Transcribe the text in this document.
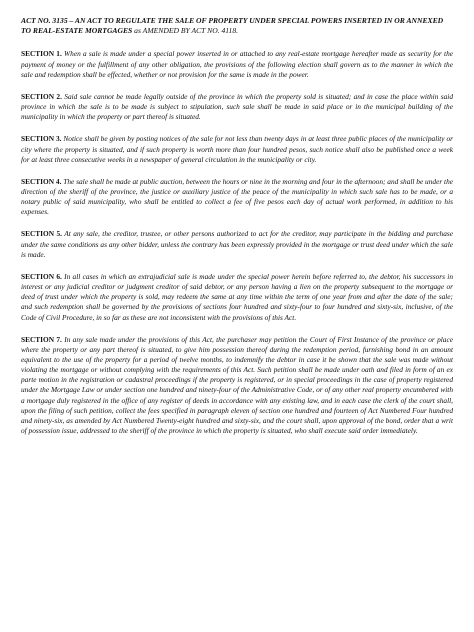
ACT NO. 3135 – AN ACT TO REGULATE THE SALE OF PROPERTY UNDER SPECIAL POWERS INSERTED IN OR ANNEXED TO REAL-ESTATE MORTGAGES as AMENDED BY ACT NO. 4118.

SECTION 1. When a sale is made under a special power inserted in or attached to any real-estate mortgage hereafter made as security for the payment of money or the fulfillment of any other obligation, the provisions of the following election shall govern as to the manner in which the sale and redemption shall be effected, whether or not provision for the same is made in the power.

SECTION 2. Said sale cannot be made legally outside of the province in which the property sold is situated; and in case the place within said province in which the sale is to be made is subject to stipulation, such sale shall be made in said place or in the municipal building of the municipality in which the property or part thereof is situated.

SECTION 3. Notice shall be given by posting notices of the sale for not less than twenty days in at least three public places of the municipality or city where the property is situated, and if such property is worth more than four hundred pesos, such notice shall also be published once a week for at least three consecutive weeks in a newspaper of general circulation in the municipality or city.

SECTION 4. The sale shall be made at public auction, between the hours or nine in the morning and four in the afternoon; and shall be under the direction of the sheriff of the province, the justice or auxiliary justice of the peace of the municipality in which such sale has to be made, or a notary public of said municipality, who shall be entitled to collect a fee of five pesos each day of actual work performed, in addition to his expenses.

SECTION 5. At any sale, the creditor, trustee, or other persons authorized to act for the creditor, may participate in the bidding and purchase under the same conditions as any other bidder, unless the contrary has been expressly provided in the mortgage or trust deed under which the sale is made.

SECTION 6. In all cases in which an extrajudicial sale is made under the special power herein before referred to, the debtor, his successors in interest or any judicial creditor or judgment creditor of said debtor, or any person having a lien on the property subsequent to the mortgage or deed of trust under which the property is sold, may redeem the same at any time within the term of one year from and after the date of the sale; and such redemption shall be governed by the provisions of sections four hundred and sixty-four to four hundred and sixty-six, inclusive, of the Code of Civil Procedure, in so far as these are not inconsistent with the provisions of this Act.

SECTION 7. In any sale made under the provisions of this Act, the purchaser may petition the Court of First Instance of the province or place where the property or any part thereof is situated, to give him possession thereof during the redemption period, furnishing bond in an amount equivalent to the use of the property for a period of twelve months, to indemnify the debtor in case it be shown that the sale was made without violating the mortgage or without complying with the requirements of this Act. Such petition shall be made under oath and filed in form of an ex parte motion in the registration or cadastral proceedings if the property is registered, or in special proceedings in the case of property registered under the Mortgage Law or under section one hundred and ninety-four of the Administrative Code, or of any other real property encumbered with a mortgage duly registered in the office of any register of deeds in accordance with any existing law, and in each case the clerk of the court shall, upon the filing of such petition, collect the fees specified in paragraph eleven of section one hundred and fourteen of Act Numbered Four hundred and ninety-six, as amended by Act Numbered Twenty-eight hundred and sixty-six, and the court shall, upon approval of the bond, order that a writ of possession issue, addressed to the sheriff of the province in which the property is situated, who shall execute said order immediately.
